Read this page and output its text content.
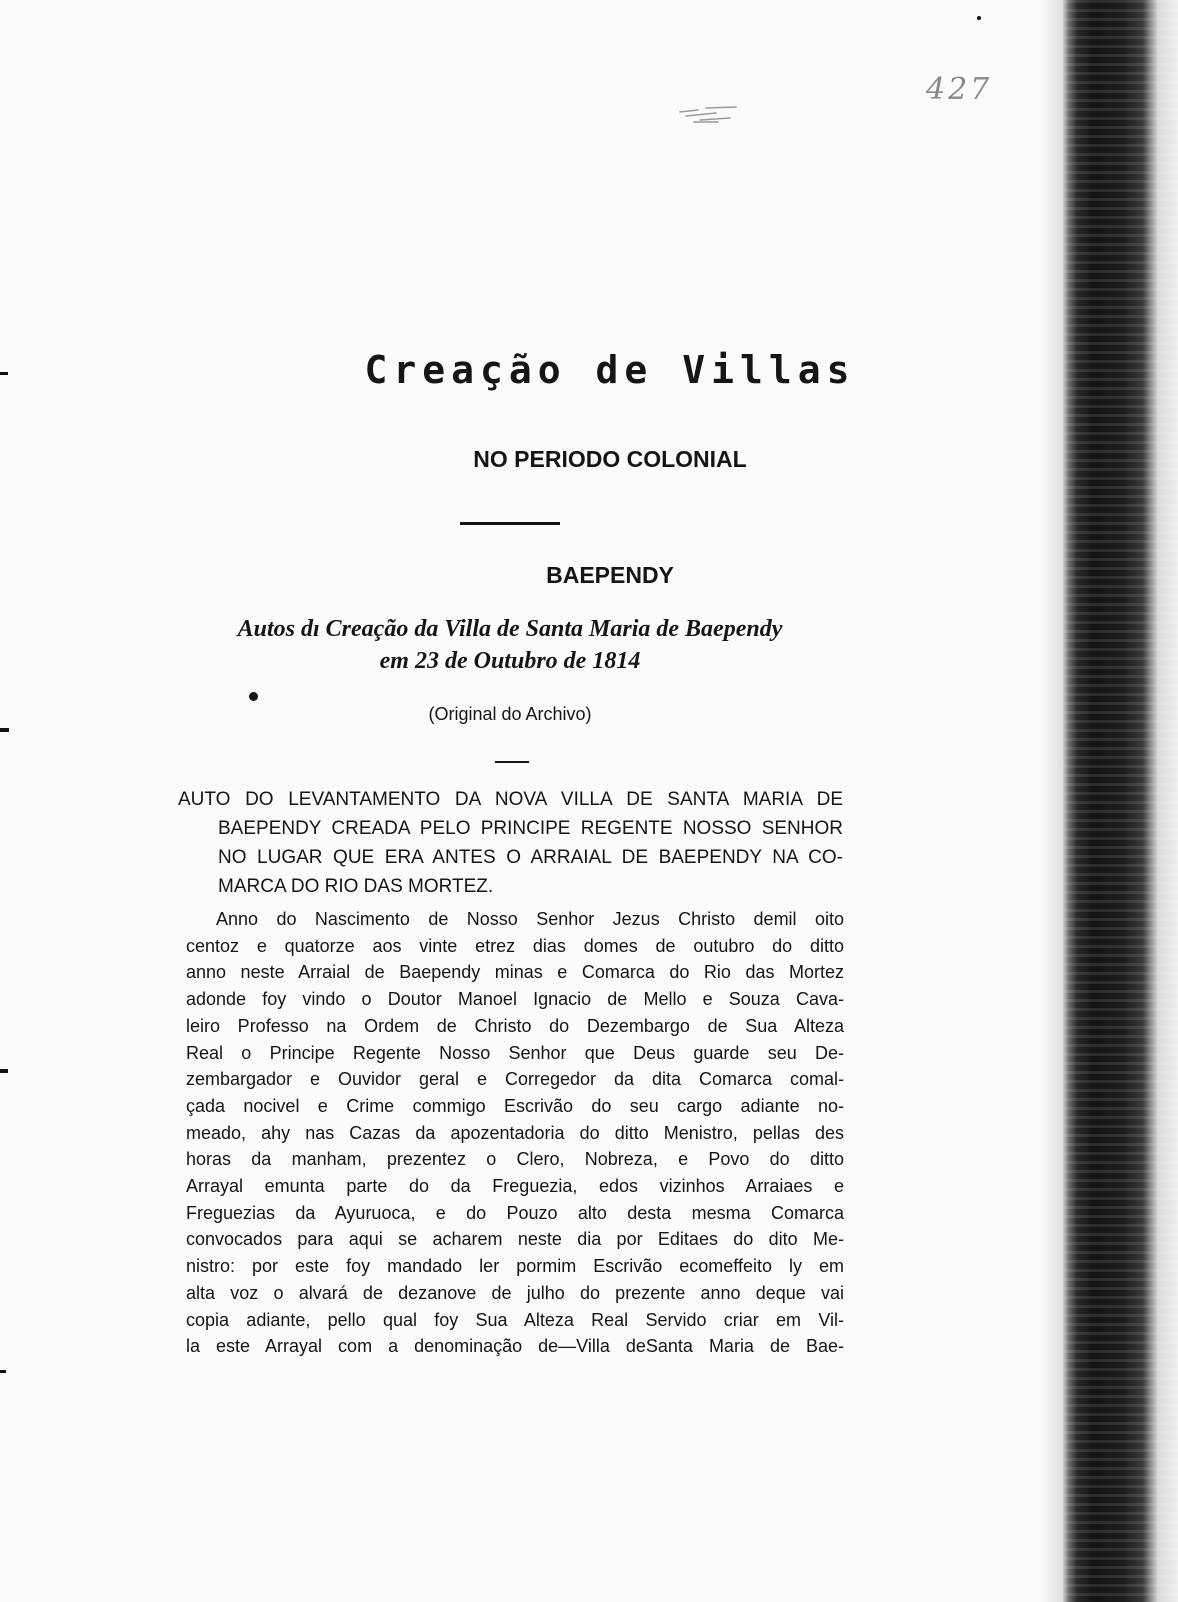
427
Creação de Villas
NO PERIODO COLONIAL
BAEPENDY
Autos dı Creação da Villa de Santa Maria de Baependy
em 23 de Outubro de 1814
(Original do Archivo)
AUTO DO LEVANTAMENTO DA NOVA VILLA DE SANTA MARIA DE
BAEPENDY CREADA PELO PRINCIPE REGENTE NOSSO SENHOR
NO LUGAR QUE ERA ANTES O ARRAIAL DE BAEPENDY NA CO-
MARCA DO RIO DAS MORTEZ.
Anno do Nascimento de Nosso Senhor Jezus Christo demil oito
centoz e quatorze aos vinte etrez dias domes de outubro do ditto
anno neste Arraial de Baependy minas e Comarca do Rio das Mortez
adonde foy vindo o Doutor Manoel Ignacio de Mello e Souza Cava-
leiro Professo na Ordem de Christo do Dezembargo de Sua Alteza
Real o Principe Regente Nosso Senhor que Deus guarde seu De-
zembargador e Ouvidor geral e Corregedor da dita Comarca comal-
çada nocivel e Crime commigo Escrivão do seu cargo adiante no-
meado, ahy nas Cazas da apozentadoria do ditto Menistro, pellas des
horas da manham, prezentez o Clero, Nobreza, e Povo do ditto
Arrayal emunta parte do da Freguezia, edos vizinhos Arraiaes e
Freguezias da Ayuruoca, e do Pouzo alto desta mesma Comarca
convocados para aqui se acharem neste dia por Editaes do dito Me-
nistro: por este foy mandado ler pormim Escrivão ecomeffeito ly em
alta voz o alvará de dezanove de julho do prezente anno deque vai
copia adiante, pello qual foy Sua Alteza Real Servido criar em Vil-
la este Arrayal com a denominação de—Villa deSanta Maria de Bae-
